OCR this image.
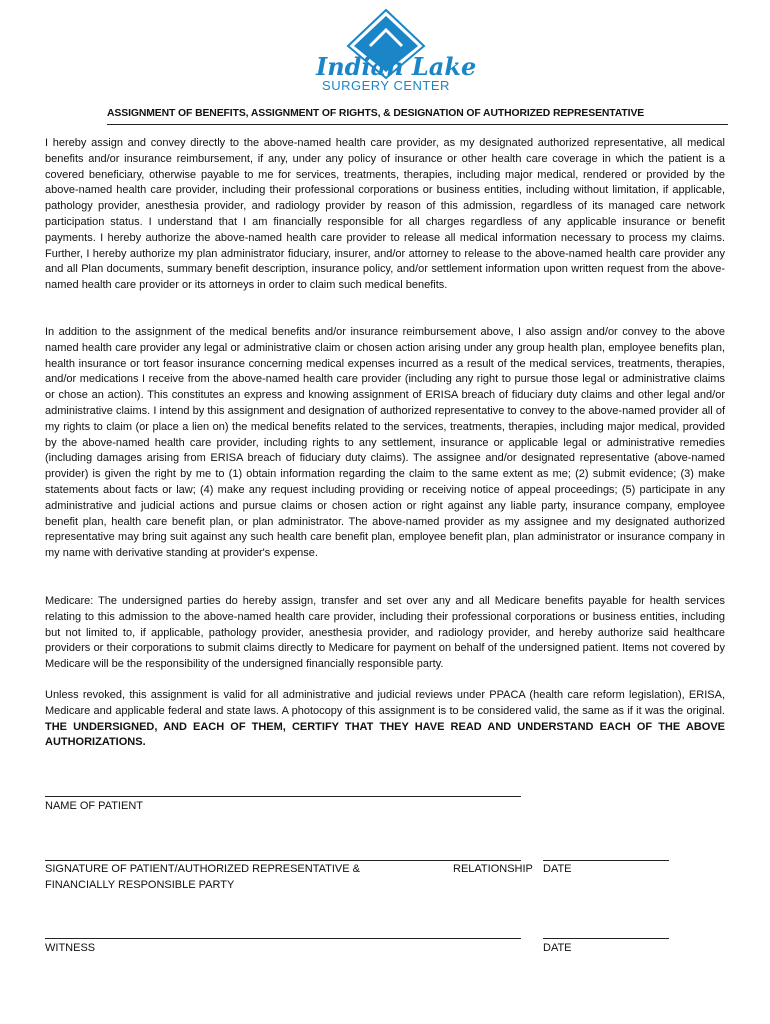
Indian Lake
SURGERY CENTER
ASSIGNMENT OF BENEFITS, ASSIGNMENT OF RIGHTS, & DESIGNATION OF AUTHORIZED REPRESENTATIVE

I hereby assign and convey directly to the above-named health care provider, as my designated authorized representative, all medical benefits and/or insurance reimbursement, if any, under any policy of insurance or other health care coverage in which the patient is a covered beneficiary, otherwise payable to me for services, treatments, therapies, including major medical, rendered or provided by the above-named health care provider, including their professional corporations or business entities, including without limitation, if applicable, pathology provider, anesthesia provider, and radiology provider by reason of this admission, regardless of its managed care network participation status. I understand that I am financially responsible for all charges regardless of any applicable insurance or benefit payments. I hereby authorize the above-named health care provider to release all medical information necessary to process my claims. Further, I hereby authorize my plan administrator fiduciary, insurer, and/or attorney to release to the above-named health care provider any and all Plan documents, summary benefit description, insurance policy, and/or settlement information upon written request from the above-named health care provider or its attorneys in order to claim such medical benefits.

In addition to the assignment of the medical benefits and/or insurance reimbursement above, I also assign and/or convey to the above named health care provider any legal or administrative claim or chosen action arising under any group health plan, employee benefits plan, health insurance or tort feasor insurance concerning medical expenses incurred as a result of the medical services, treatments, therapies, and/or medications I receive from the above-named health care provider (including any right to pursue those legal or administrative claims or chose an action). This constitutes an express and knowing assignment of ERISA breach of fiduciary duty claims and other legal and/or administrative claims. I intend by this assignment and designation of authorized representative to convey to the above-named provider all of my rights to claim (or place a lien on) the medical benefits related to the services, treatments, therapies, including major medical, provided by the above-named health care provider, including rights to any settlement, insurance or applicable legal or administrative remedies (including damages arising from ERISA breach of fiduciary duty claims). The assignee and/or designated representative (above-named provider) is given the right by me to (1) obtain information regarding the claim to the same extent as me; (2) submit evidence; (3) make statements about facts or law; (4) make any request including providing or receiving notice of appeal proceedings; (5) participate in any administrative and judicial actions and pursue claims or chosen action or right against any liable party, insurance company, employee benefit plan, health care benefit plan, or plan administrator. The above-named provider as my assignee and my designated authorized representative may bring suit against any such health care benefit plan, employee benefit plan, plan administrator or insurance company in my name with derivative standing at provider's expense.

Medicare: The undersigned parties do hereby assign, transfer and set over any and all Medicare benefits payable for health services relating to this admission to the above-named health care provider, including their professional corporations or business entities, including but not limited to, if applicable, pathology provider, anesthesia provider, and radiology provider, and hereby authorize said healthcare providers or their corporations to submit claims directly to Medicare for payment on behalf of the undersigned patient. Items not covered by Medicare will be the responsibility of the undersigned financially responsible party.

Unless revoked, this assignment is valid for all administrative and judicial reviews under PPACA (health care reform legislation), ERISA, Medicare and applicable federal and state laws. A photocopy of this assignment is to be considered valid, the same as if it was the original. THE UNDERSIGNED, AND EACH OF THEM, CERTIFY THAT THEY HAVE READ AND UNDERSTAND EACH OF THE ABOVE AUTHORIZATIONS.

NAME OF PATIENT
SIGNATURE OF PATIENT/AUTHORIZED REPRESENTATIVE &
FINANCIALLY RESPONSIBLE PARTY
RELATIONSHIP DATE
WITNESS	DATE
